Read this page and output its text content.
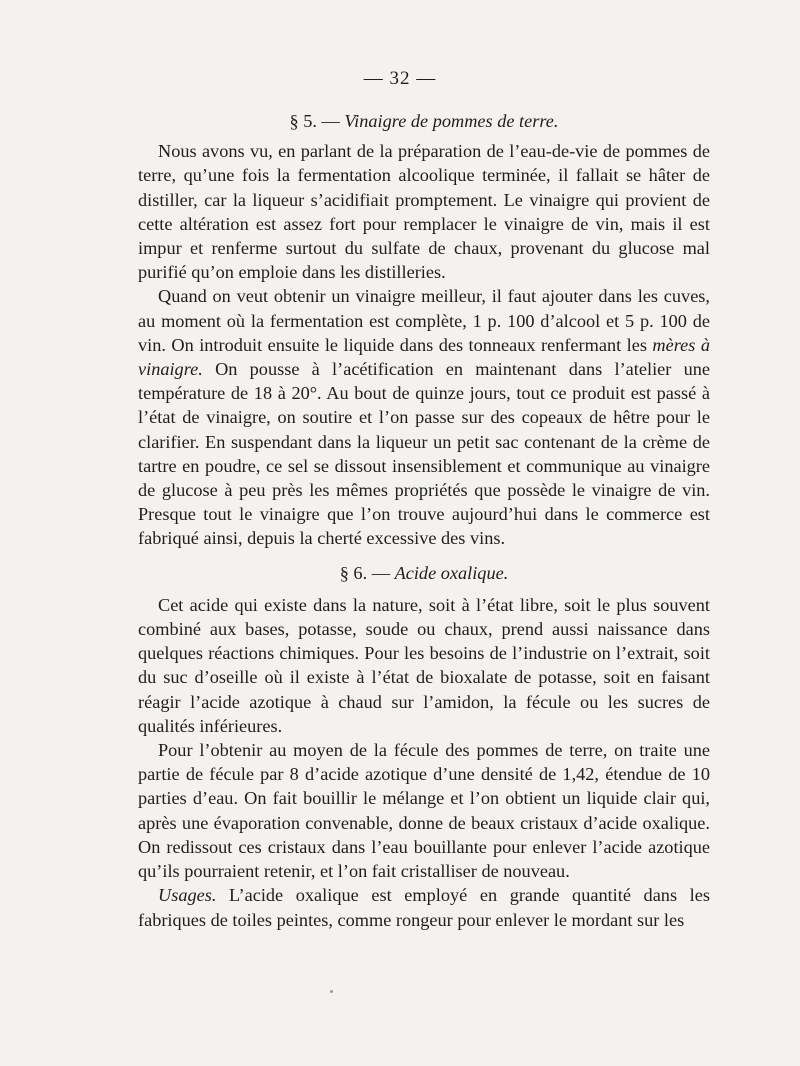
— 32 —
§ 5. — Vinaigre de pommes de terre.

Nous avons vu, en parlant de la préparation de l’eau-de-vie de pommes de terre, qu’une fois la fermentation alcoolique terminée, il fallait se hâter de distiller, car la liqueur s’acidifiait promptement. Le vinaigre qui provient de cette altération est assez fort pour remplacer le vinaigre de vin, mais il est impur et renferme surtout du sulfate de chaux, provenant du glucose mal purifié qu’on emploie dans les distilleries.

Quand on veut obtenir un vinaigre meilleur, il faut ajouter dans les cuves, au moment où la fermentation est complète, 1 p. 100 d’alcool et 5 p. 100 de vin. On introduit ensuite le liquide dans des tonneaux renfermant les mères à vinaigre. On pousse à l’acétification en maintenant dans l’atelier une température de 18 à 20°. Au bout de quinze jours, tout ce produit est passé à l’état de vinaigre, on soutire et l’on passe sur des copeaux de hêtre pour le clarifier. En suspendant dans la liqueur un petit sac contenant de la crème de tartre en poudre, ce sel se dissout insensiblement et communique au vinaigre de glucose à peu près les mêmes propriétés que possède le vinaigre de vin. Presque tout le vinaigre que l’on trouve aujourd’hui dans le commerce est fabriqué ainsi, depuis la cherté excessive des vins.

§ 6. — Acide oxalique.

Cet acide qui existe dans la nature, soit à l’état libre, soit le plus souvent combiné aux bases, potasse, soude ou chaux, prend aussi naissance dans quelques réactions chimiques. Pour les besoins de l’industrie on l’extrait, soit du suc d’oseille où il existe à l’état de bioxalate de potasse, soit en faisant réagir l’acide azotique à chaud sur l’amidon, la fécule ou les sucres de qualités inférieures.

Pour l’obtenir au moyen de la fécule des pommes de terre, on traite une partie de fécule par 8 d’acide azotique d’une densité de 1,42, étendue de 10 parties d’eau. On fait bouillir le mélange et l’on obtient un liquide clair qui, après une évaporation convenable, donne de beaux cristaux d’acide oxalique. On redissout ces cristaux dans l’eau bouillante pour enlever l’acide azotique qu’ils pourraient retenir, et l’on fait cristalliser de nouveau.

Usages. L’acide oxalique est employé en grande quantité dans les fabriques de toiles peintes, comme rongeur pour enlever le mordant sur les
